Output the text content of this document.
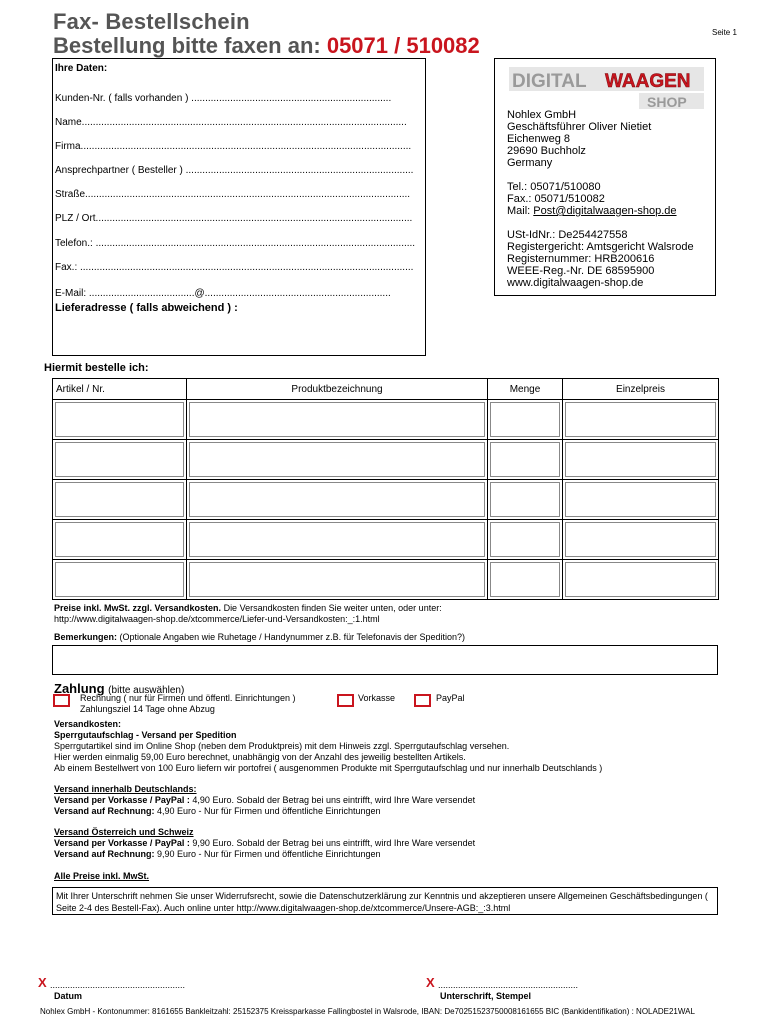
Fax- Bestellschein
Bestellung bitte faxen an: 05071 / 510082
Seite 1
Ihre Daten:
Kunden-Nr. ( falls vorhanden ) ........................................................................
Name.....................................................................................................................
Firma.......................................................................................................................
Ansprechpartner ( Besteller ) ..................................................................................
Straße.....................................................................................................................
PLZ / Ort..................................................................................................................
Telefon.: ...................................................................................................................
Fax.: ........................................................................................................................
E-Mail: ......................................@...................................................................
Lieferadresse ( falls abweichend ) :
DIGITAL WAAGEN
SHOP
Nohlex GmbH
Geschäftsführer Oliver Nietiet
Eichenweg 8
29690 Buchholz
Germany
Tel.: 05071/510080
Fax.: 05071/510082
Mail: Post@digitalwaagen-shop.de
USt-IdNr.: De254427558
Registergericht: Amtsgericht Walsrode
Registernummer: HRB200616
WEEE-Reg.-Nr. DE 68595900
www.digitalwaagen-shop.de
Hiermit bestelle ich:
Artikel / Nr.	Produktbezeichnung	Menge	Einzelpreis

Preise inkl. MwSt. zzgl. Versandkosten. Die Versandkosten finden Sie weiter unten, oder unter:
http://www.digitalwaagen-shop.de/xtcommerce/Liefer-und-Versandkosten:_:1.html
Bemerkungen: (Optionale Angaben wie Ruhetage / Handynummer z.B. für Telefonavis der Spedition?)
Zahlung (bitte auswählen)
Rechnung ( nur für Firmen und öffentl. Einrichtungen )
Zahlungsziel 14 Tage ohne Abzug
Vorkasse	PayPal
Versandkosten:
Sperrgutaufschlag - Versand per Spedition
Sperrgutartikel sind im Online Shop (neben dem Produktpreis) mit dem Hinweis zzgl. Sperrgutaufschlag versehen.
Hier werden einmalig 59,00 Euro berechnet, unabhängig von der Anzahl des jeweilig bestellten Artikels.
Ab einem Bestellwert von 100 Euro liefern wir portofrei ( ausgenommen Produkte mit Sperrgutaufschlag und nur innerhalb Deutschlands )
Versand innerhalb Deutschlands:
Versand per Vorkasse / PayPal : 4,90 Euro. Sobald der Betrag bei uns eintrifft, wird Ihre Ware versendet
Versand auf Rechnung: 4,90 Euro - Nur für Firmen und öffentliche Einrichtungen
Versand Österreich und Schweiz
Versand per Vorkasse / PayPal : 9,90 Euro. Sobald der Betrag bei uns eintrifft, wird Ihre Ware versendet
Versand auf Rechnung: 9,90 Euro - Nur für Firmen und öffentliche Einrichtungen
Alle Preise inkl. MwSt.
Mit Ihrer Unterschrift nehmen Sie unser Widerrufsrecht, sowie die Datenschutzerklärung zur Kenntnis und akzeptieren unsere Allgemeinen Geschäftsbedingungen ( Seite 2-4 des Bestell-Fax). Auch online unter http://www.digitalwaagen-shop.de/xtcommerce/Unsere-AGB:_:3.html
X ......................................................
Datum
X ........................................................
Unterschrift, Stempel
Nohlex GmbH - Kontonummer: 8161655 Bankleitzahl: 25152375 Kreissparkasse Fallingbostel in Walsrode, IBAN: De70251523750008161655 BIC (Bankidentifikation) : NOLADE21WAL
